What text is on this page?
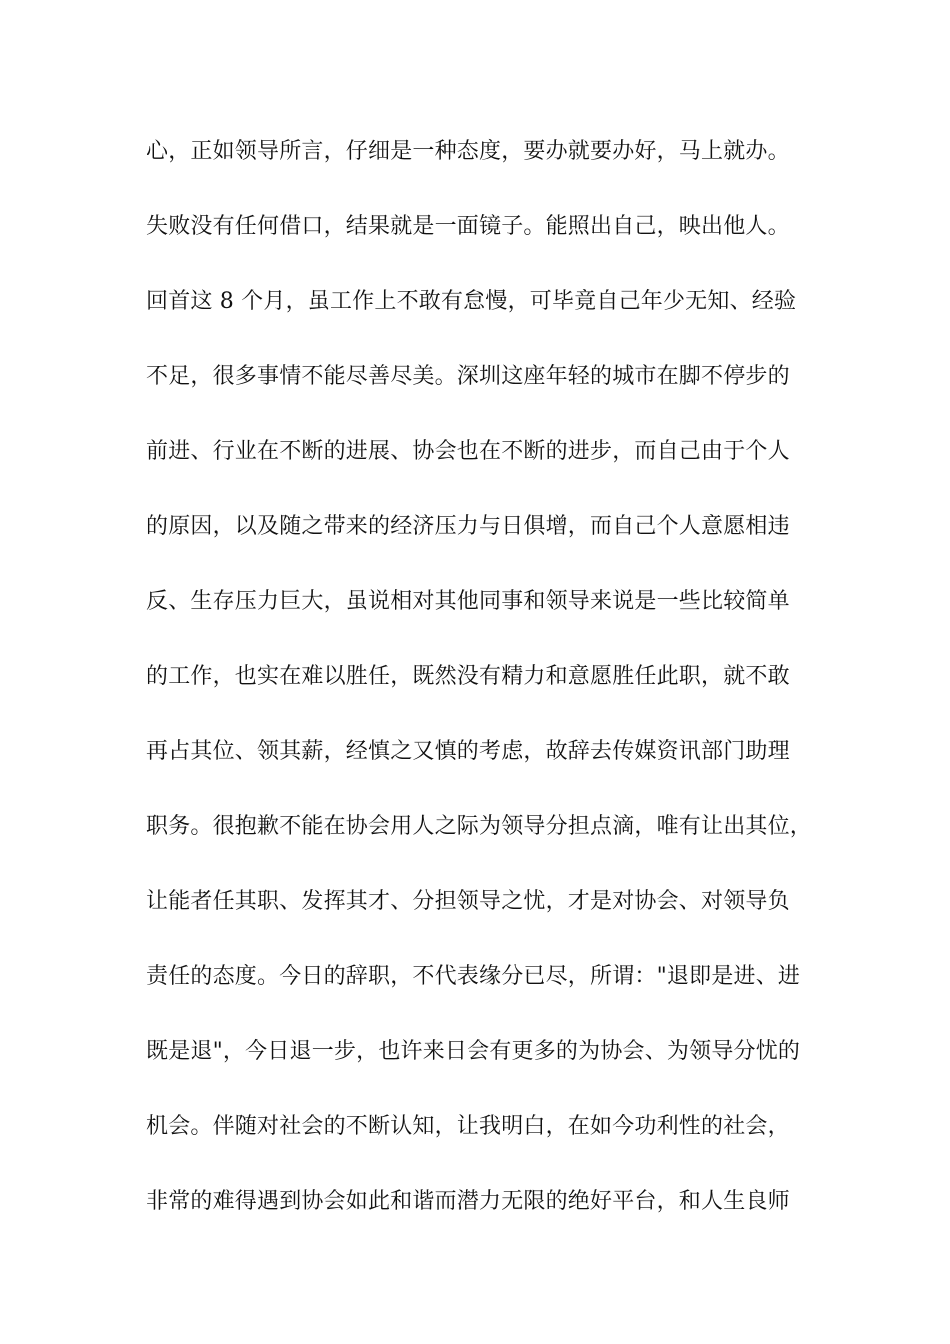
心，正如领导所言，仔细是一种态度，要办就要办好，马上就办。
失败没有任何借口，结果就是一面镜子。能照出自己，映出他人。
回首这 8 个月，虽工作上不敢有怠慢，可毕竟自己年少无知、经验
不足，很多事情不能尽善尽美。深圳这座年轻的城市在脚不停步的
前进、行业在不断的进展、协会也在不断的进步，而自己由于个人
的原因，以及随之带来的经济压力与日俱增，而自己个人意愿相违
反、生存压力巨大，虽说相对其他同事和领导来说是一些比较简单
的工作，也实在难以胜任，既然没有精力和意愿胜任此职，就不敢
再占其位、领其薪，经慎之又慎的考虑，故辞去传媒资讯部门助理
职务。很抱歉不能在协会用人之际为领导分担点滴，唯有让出其位，
让能者任其职、发挥其才、分担领导之忧，才是对协会、对领导负
责任的态度。今日的辞职，不代表缘分已尽，所谓："退即是进、进
既是退"，今日退一步，也许来日会有更多的为协会、为领导分忧的
机会。伴随对社会的不断认知，让我明白，在如今功利性的社会，
非常的难得遇到协会如此和谐而潜力无限的绝好平台，和人生良师
